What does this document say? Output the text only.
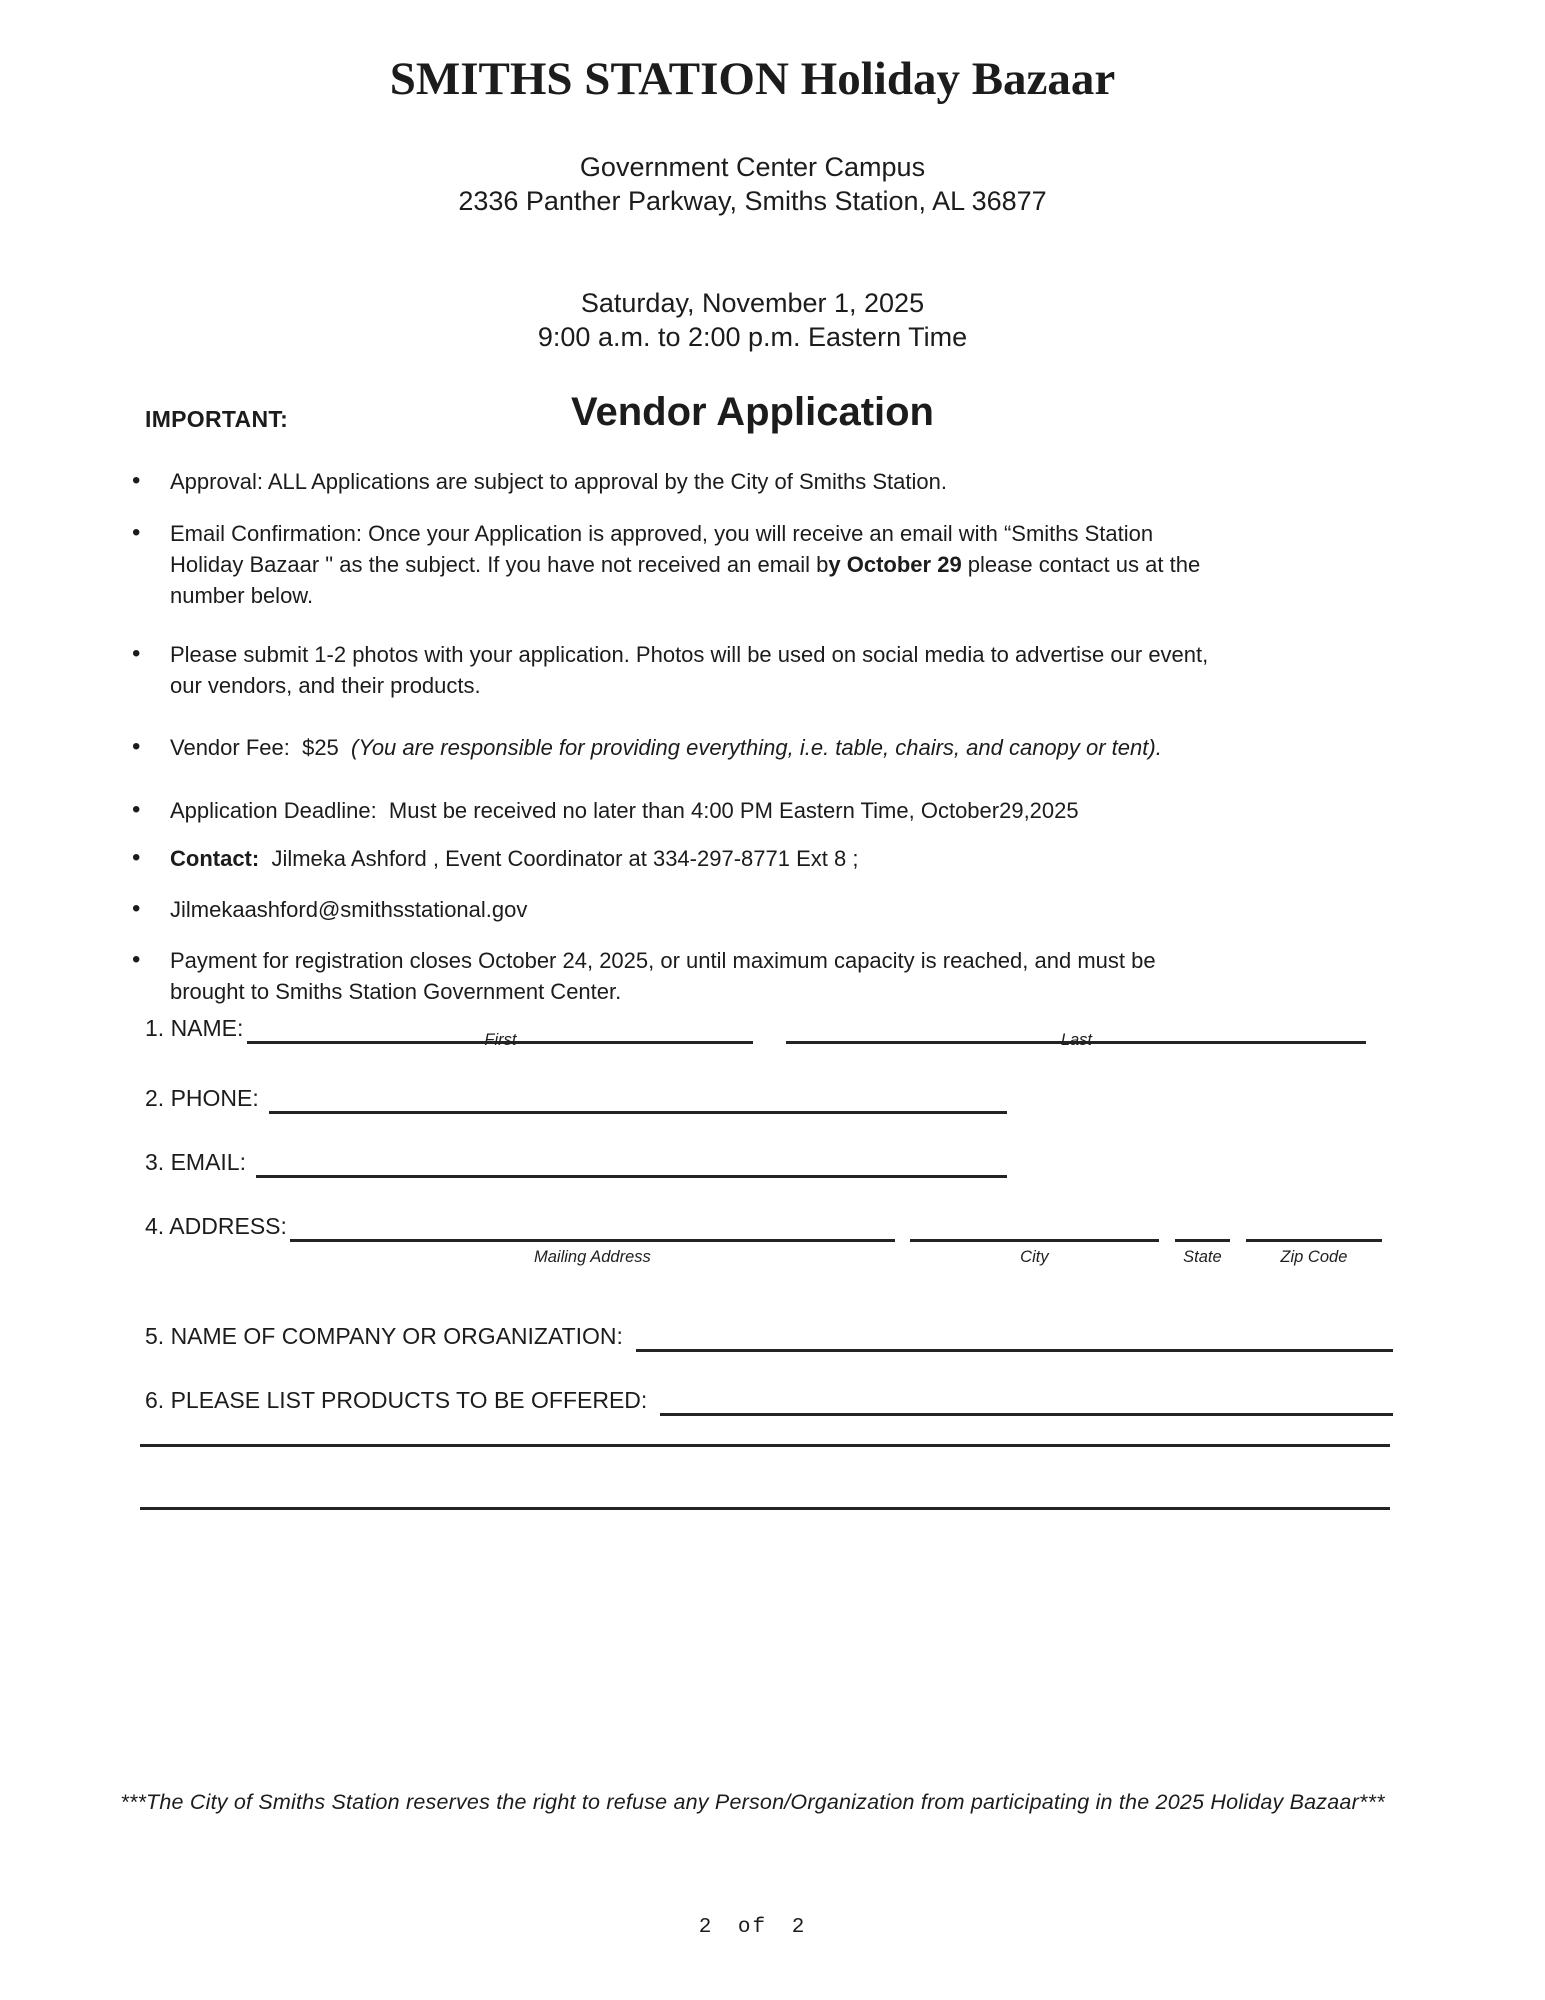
SMITHS STATION Holiday Bazaar
Government Center Campus
2336 Panther Parkway, Smiths Station, AL 36877
Saturday, November 1, 2025
9:00 a.m. to 2:00 p.m. Eastern Time
IMPORTANT:	Vendor Application
• Approval: ALL Applications are subject to approval by the City of Smiths Station.
• Email Confirmation: Once your Application is approved, you will receive an email with “Smiths Station
Holiday Bazaar " as the subject. If you have not received an email by October 29 please contact us at the
number below.
• Please submit 1-2 photos with your application. Photos will be used on social media to advertise our event,
our vendors, and their products.
• Vendor Fee:  $25  (You are responsible for providing everything, i.e. table, chairs, and canopy or tent).
• Application Deadline:  Must be received no later than 4:00 PM Eastern Time, October29,2025
• Contact:  Jilmeka Ashford , Event Coordinator at 334-297-8771 Ext 8 ;
• Jilmekaashford@smithsstational.gov
• Payment for registration closes October 24, 2025, or until maximum capacity is reached, and must be
brought to Smiths Station Government Center.
1. NAME:	First	Last
2. PHONE:
3. EMAIL:
4. ADDRESS:
Mailing Address	City	State	Zip Code
5. NAME OF COMPANY OR ORGANIZATION:
6. PLEASE LIST PRODUCTS TO BE OFFERED:
***The City of Smiths Station reserves the right to refuse any Person/Organization from participating in the 2025 Holiday Bazaar***
2 of 2
